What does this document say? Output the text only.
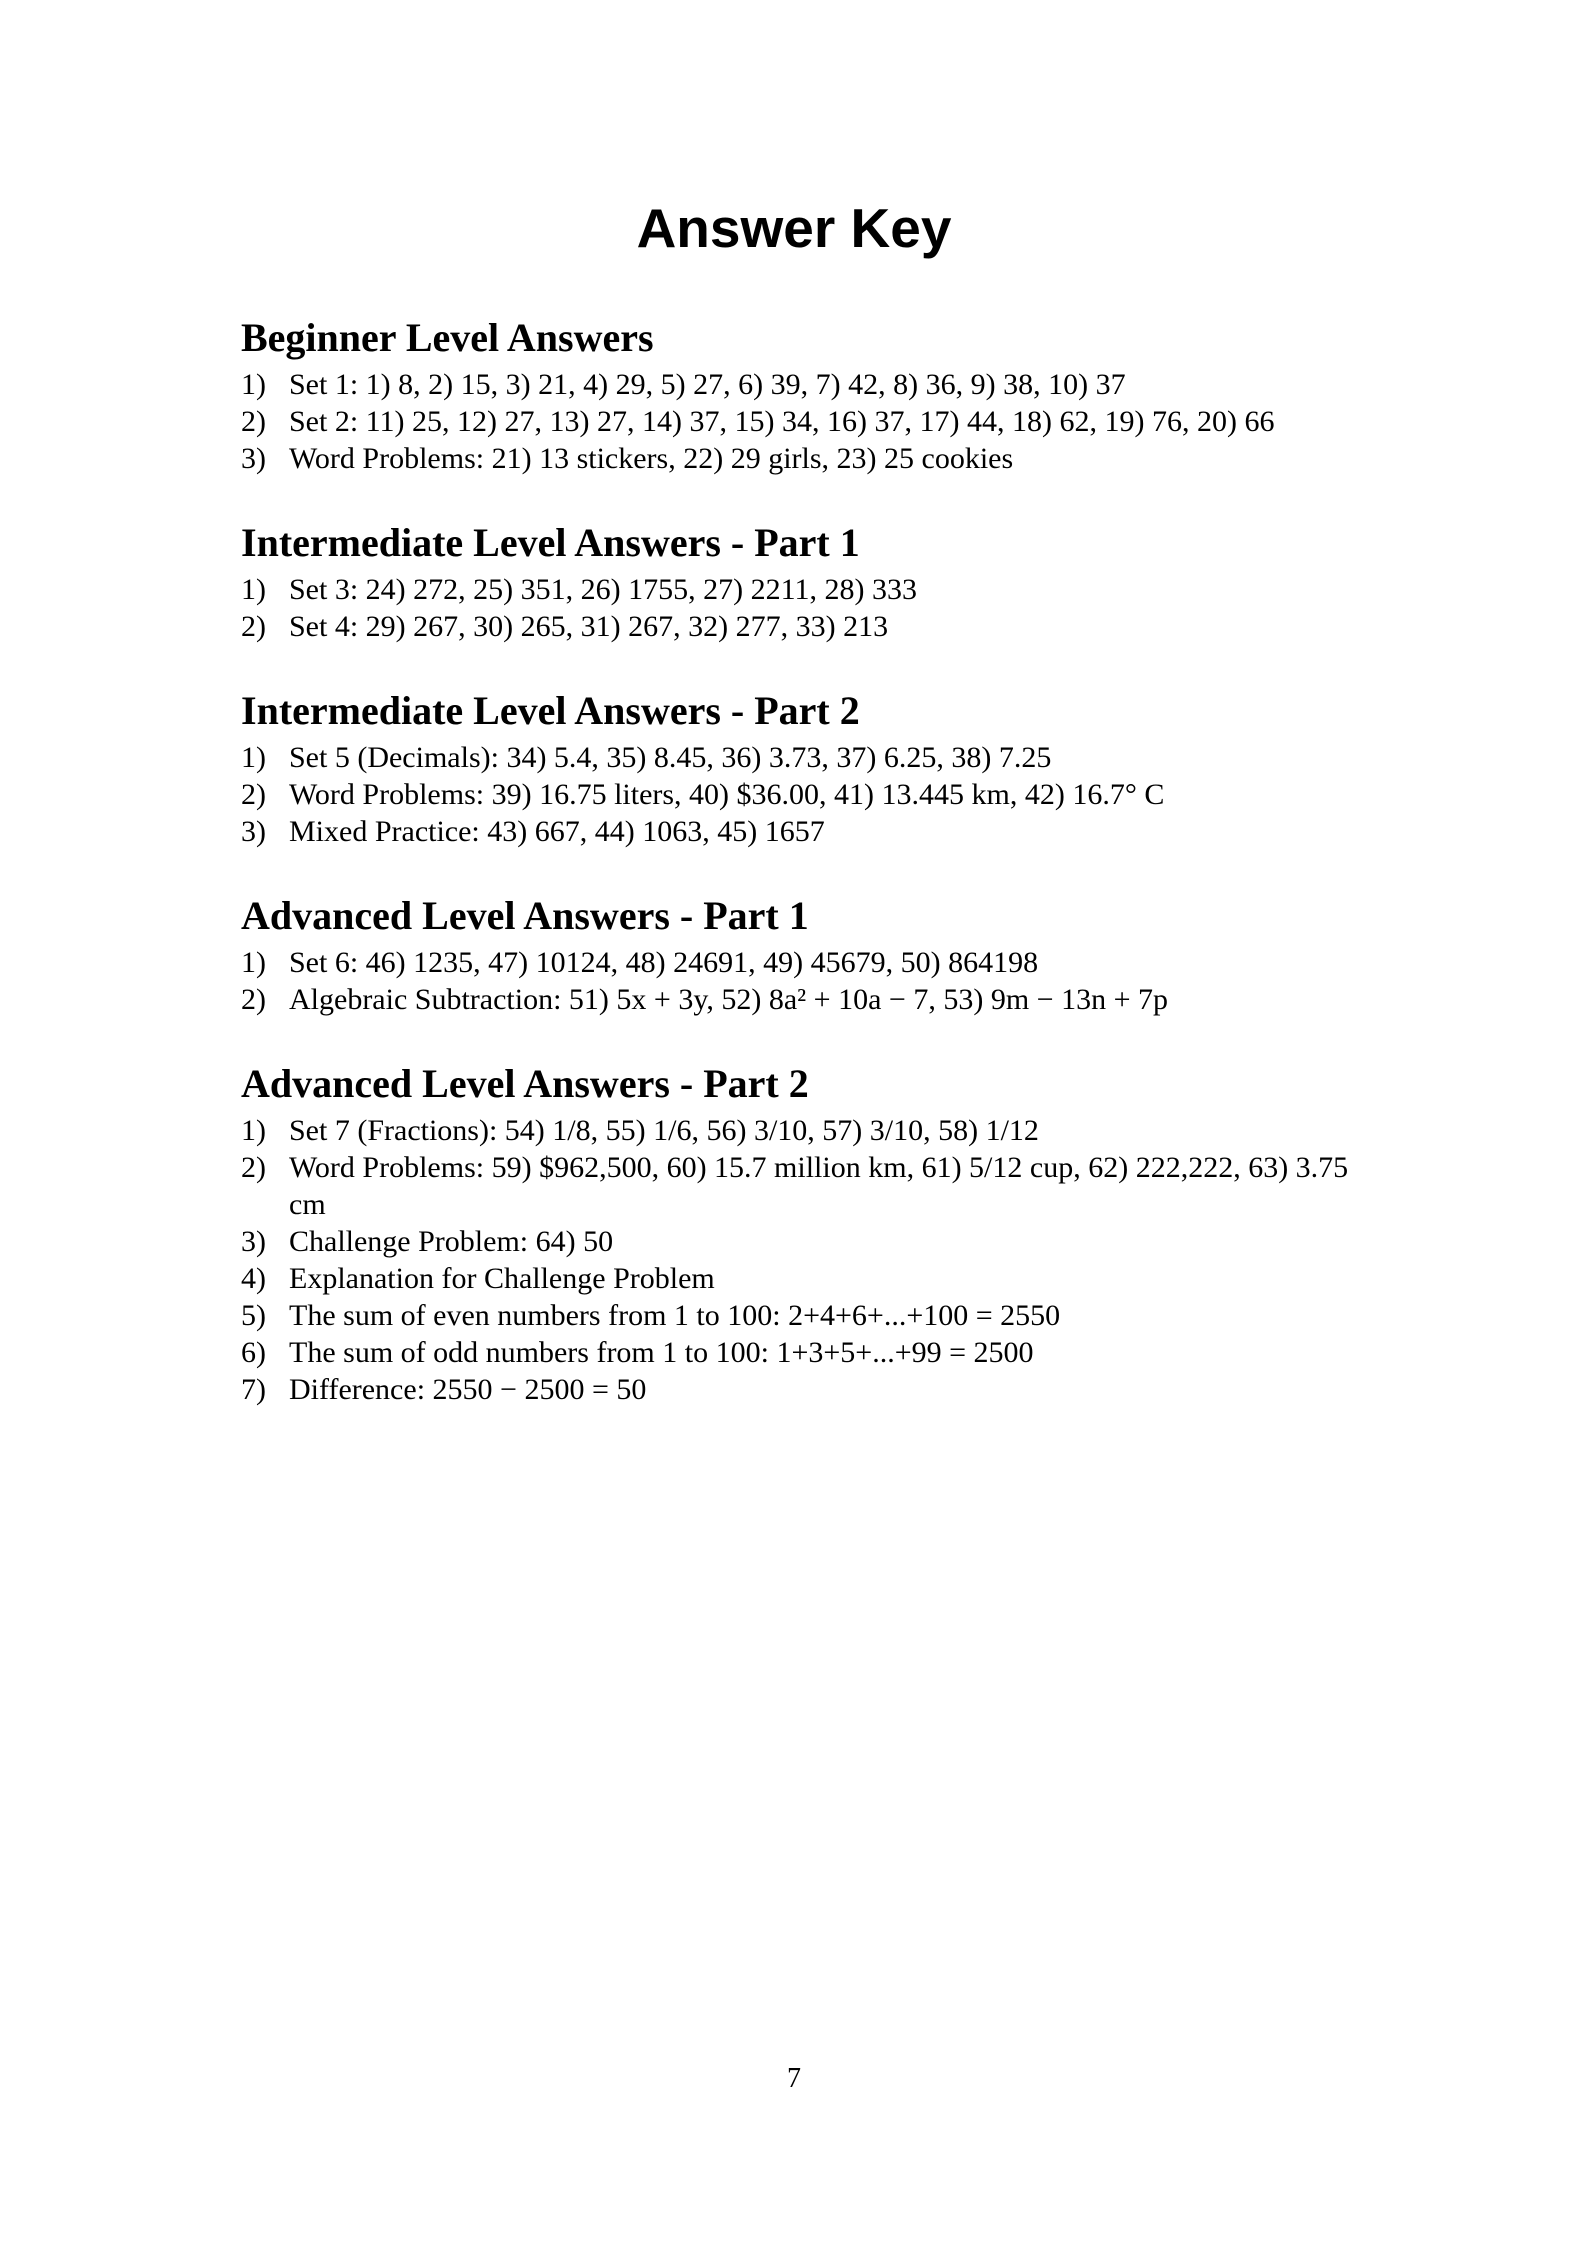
Answer Key
Beginner Level Answers
1) Set 1: 1) 8, 2) 15, 3) 21, 4) 29, 5) 27, 6) 39, 7) 42, 8) 36, 9) 38, 10) 37
2) Set 2: 11) 25, 12) 27, 13) 27, 14) 37, 15) 34, 16) 37, 17) 44, 18) 62, 19) 76, 20) 66
3) Word Problems: 21) 13 stickers, 22) 29 girls, 23) 25 cookies
Intermediate Level Answers - Part 1
1) Set 3: 24) 272, 25) 351, 26) 1755, 27) 2211, 28) 333
2) Set 4: 29) 267, 30) 265, 31) 267, 32) 277, 33) 213
Intermediate Level Answers - Part 2
1) Set 5 (Decimals): 34) 5.4, 35) 8.45, 36) 3.73, 37) 6.25, 38) 7.25
2) Word Problems: 39) 16.75 liters, 40) $36.00, 41) 13.445 km, 42) 16.7° C
3) Mixed Practice: 43) 667, 44) 1063, 45) 1657
Advanced Level Answers - Part 1
1) Set 6: 46) 1235, 47) 10124, 48) 24691, 49) 45679, 50) 864198
2) Algebraic Subtraction: 51) 5x + 3y, 52) 8a² + 10a − 7, 53) 9m − 13n + 7p
Advanced Level Answers - Part 2
1) Set 7 (Fractions): 54) 1/8, 55) 1/6, 56) 3/10, 57) 3/10, 58) 1/12
2) Word Problems: 59) $962,500, 60) 15.7 million km, 61) 5/12 cup, 62) 222,222, 63) 3.75 cm
3) Challenge Problem: 64) 50
4) Explanation for Challenge Problem
5) The sum of even numbers from 1 to 100: 2+4+6+...+100 = 2550
6) The sum of odd numbers from 1 to 100: 1+3+5+...+99 = 2500
7) Difference: 2550 − 2500 = 50
7
